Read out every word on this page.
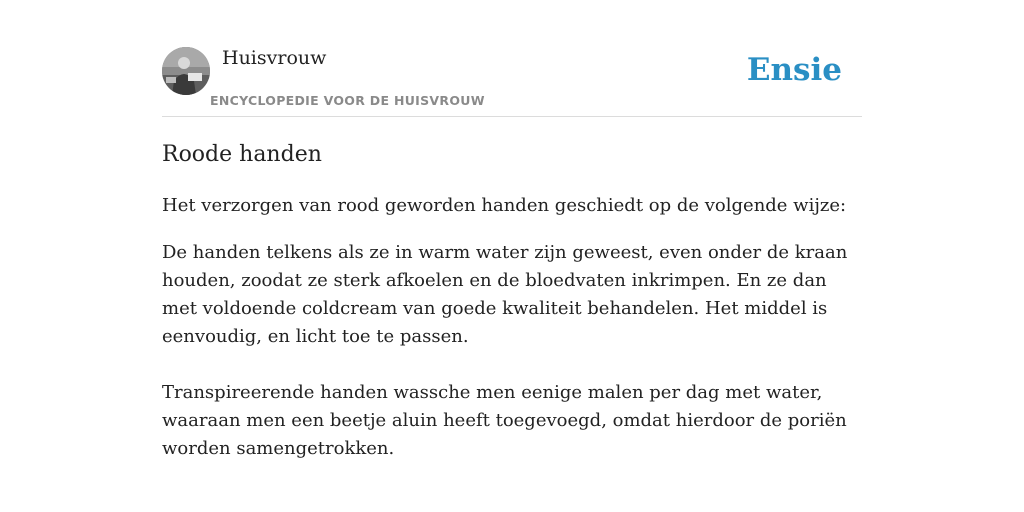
Huisvrouw
ENCYCLOPEDIE VOOR DE HUISVROUW
Ensie
Roode handen

Het verzorgen van rood geworden handen geschiedt op de volgende wijze:

De handen telkens als ze in warm water zijn geweest, even onder de kraan houden, zoodat ze sterk afkoelen en de bloedvaten inkrimpen. En ze dan met voldoende coldcream van goede kwaliteit behandelen. Het middel is eenvoudig, en licht toe te passen.

Transpireerende handen wassche men eenige malen per dag met water, waaraan men een beetje aluin heeft toegevoegd, omdat hierdoor de poriën worden samengetrokken.
